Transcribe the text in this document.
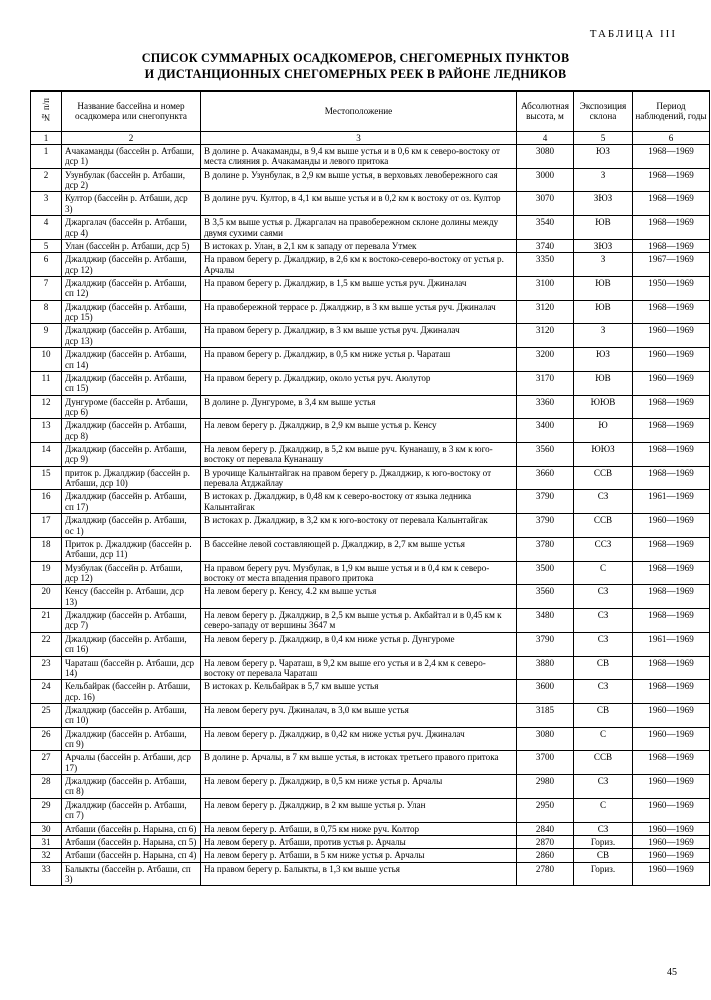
ТАБЛИЦА III
СПИСОК СУММАРНЫХ ОСАДКОМЕРОВ, СНЕГОМЕРНЫХ ПУНКТОВ
И ДИСТАНЦИОННЫХ СНЕГОМЕРНЫХ РЕЕК В РАЙОНЕ ЛЕДНИКОВ
№ п/п	Название бассейна и номер осадкомера или снегопункта	Местоположение	Абсолютная высота, м	Экспозиция склона	Период наблюдений, годы
1	2	3	4	5	6
1	Ачакаманды (бассейн р. Атбаши, дср 1)	В долине р. Ачакаманды, в 9,4 км выше устья и в 0,6 км к северо-востоку от места слияния р. Ачакаманды и левого притока	3080	ЮЗ	1968—1969
2	Узунбулак (бассейн р. Атбаши, дср 2)	В долине р. Узунбулак, в 2,9 км выше устья, в верховьях левобережного сая	3000	З	1968—1969
3	Култор (бассейн р. Атбаши, дср 3)	В долине руч. Култор, в 4,1 км выше устья и в 0,2 км к востоку от оз. Култор	3070	ЗЮЗ	1968—1969
4	Джаргалач (бассейн р. Атбаши, дср 4)	В 3,5 км выше устья р. Джаргалач на правобережном склоне долины между двумя сухими саями	3540	ЮВ	1968—1969
5	Улан (бассейн р. Атбаши, дср 5)	В истоках р. Улан, в 2,1 км к западу от перевала Утмек	3740	ЗЮЗ	1968—1969
6	Джалджир (бассейн р. Атбаши, дср 12)	На правом берегу р. Джалджир, в 2,6 км к востоко-северо-востоку от устья р. Арчалы	3350	З	1967—1969
7	Джалджир (бассейн р. Атбаши, сп 12)	На правом берегу р. Джалджир, в 1,5 км выше устья руч. Джиналач	3100	ЮВ	1950—1969
8	Джалджир (бассейн р. Атбаши, дср 15)	На правобережной террасе р. Джалджир, в 3 км выше устья руч. Джиналач	3120	ЮВ	1968—1969
9	Джалджир (бассейн р. Атбаши, дср 13)	На правом берегу р. Джалджир, в 3 км выше устья руч. Джиналач	3120	З	1960—1969
10	Джалджир (бассейн р. Атбаши, сп 14)	На правом берегу р. Джалджир, в 0,5 км ниже устья р. Чараташ	3200	ЮЗ	1960—1969
11	Джалджир (бассейн р. Атбаши, сп 15)	На правом берегу р. Джалджир, около устья руч. Аюлутор	3170	ЮВ	1960—1969
12	Дунгуроме (бассейн р. Атбаши, дср 6)	В долине р. Дунгуроме, в 3,4 км выше устья	3360	ЮЮВ	1968—1969
13	Джалджир (бассейн р. Атбаши, дср 8)	На левом берегу р. Джалджир, в 2,9 км выше устья р. Кенсу	3400	Ю	1968—1969
14	Джалджир (бассейн р. Атбаши, дср 9)	На левом берегу р. Джалджир, в 5,2 км выше руч. Кунанашу, в 3 км к юго-востоку от перевала Кунанашу	3560	ЮЮЗ	1968—1969
15	приток р. Джалджир (бассейн р. Атбаши, дср 10)	В урочище Калынтайгак на правом берегу р. Джалджир, к юго-востоку от перевала Атджайлау	3660	ССВ	1968—1969
16	Джалджир (бассейн р. Атбаши, сп 17)	В истоках р. Джалджир, в 0,48 км к северо-востоку от языка ледника Калынтайгак	3790	СЗ	1961—1969
17	Джалджир (бассейн р. Атбаши, ос 1)	В истоках р. Джалджир, в 3,2 км к юго-востоку от перевала Калынтайгак	3790	ССВ	1960—1969
18	Приток р. Джалджир (бассейн р. Атбаши, дср 11)	В бассейне левой составляющей р. Джалджир, в 2,7 км выше устья	3780	ССЗ	1968—1969
19	Музбулак (бассейн р. Атбаши, дср 12)	На правом берегу руч. Музбулак, в 1,9 км выше устья и в 0,4 км к северо-востоку от места впадения правого притока	3500	С	1968—1969
20	Кенсу (бассейн р. Атбаши, дср 13)	На левом берегу р. Кенсу, 4.2 км выше устья	3560	СЗ	1968—1969
21	Джалджир (бассейн р. Атбаши, дср 7)	На левом берегу р. Джалджир, в 2,5 км выше устья р. Акбайтал и в 0,45 км к северо-западу от вершины 3647 м	3480	СЗ	1968—1969
22	Джалджир (бассейн р. Атбаши, сп 16)	На левом берегу р. Джалджир, в 0,4 км ниже устья р. Дунгуроме	3790	СЗ	1961—1969
23	Чараташ (бассейн р. Атбаши, дср 14)	На левом берегу р. Чараташ, в 9,2 км выше его устья и в 2,4 км к северо-востоку от перевала Чараташ	3880	СВ	1968—1969
24	Кельбайрак (бассейн р. Атбаши, дср. 16)	В истоках р. Кельбайрак в 5,7 км выше устья	3600	СЗ	1968—1969
25	Джалджир (бассейн р. Атбаши, сп 10)	На левом берегу руч. Джиналач, в 3,0 км выше устья	3185	СВ	1960—1969
26	Джалджир (бассейн р. Атбаши, сп 9)	На левом берегу р. Джалджир, в 0,42 км ниже устья руч. Джиналач	3080	С	1960—1969
27	Арчалы (бассейн р. Атбаши, дср 17)	В долине р. Арчалы, в 7 км выше устья, в истоках третьего правого притока	3700	ССВ	1968—1969
28	Джалджир (бассейн р. Атбаши, сп 8)	На левом берегу р. Джалджир, в 0,5 км ниже устья р. Арчалы	2980	СЗ	1960—1969
29	Джалджир (бассейн р. Атбаши, сп 7)	На левом берегу р. Джалджир, в 2 км выше устья р. Улан	2950	С	1960—1969
30	Атбаши (бассейн р. Нарына, сп 6)	На левом берегу р. Атбаши, в 0,75 км ниже руч. Колтор	2840	СЗ	1960—1969
31	Атбаши (бассейн р. Нарына, сп 5)	На левом берегу р. Атбаши, против устья р. Арчалы	2870	Гориз.	1960—1969
32	Атбаши (бассейн р. Нарына, сп 4)	На левом берегу р. Атбаши, в 5 км ниже устья р. Арчалы	2860	СВ	1960—1969
33	Балыкты (бассейн р. Атбаши, сп 3)	На правом берегу р. Балыкты, в 1,3 км выше устья	2780	Гориз.	1960—1969
45
